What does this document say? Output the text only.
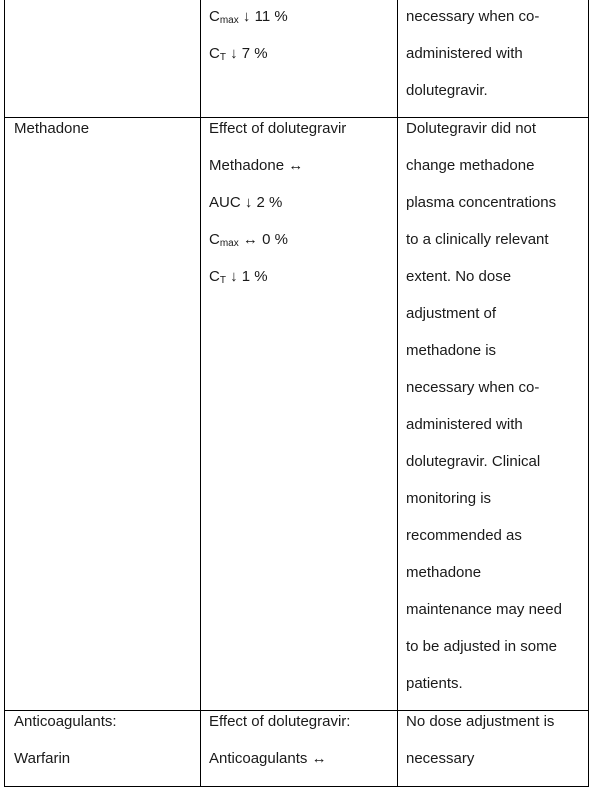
$C_{max}$ ↓ 11 %
$C_T$ ↓ 7 %
necessary when co-
administered with
dolutegravir.
Methadone	Effect of dolutegravir
Methadone ↔
AUC ↓ 2 %
$C_{max}$ ↔ 0 %
$C_T$ ↓ 1 %
Dolutegravir did not
change methadone
plasma concentrations
to a clinically relevant
extent. No dose
adjustment of
methadone is
necessary when co-
administered with
dolutegravir. Clinical
monitoring is
recommended as
methadone
maintenance may need
to be adjusted in some
patients.
Anticoagulants:
Warfarin
Effect of dolutegravir:
Anticoagulants ↔
No dose adjustment is
necessary
